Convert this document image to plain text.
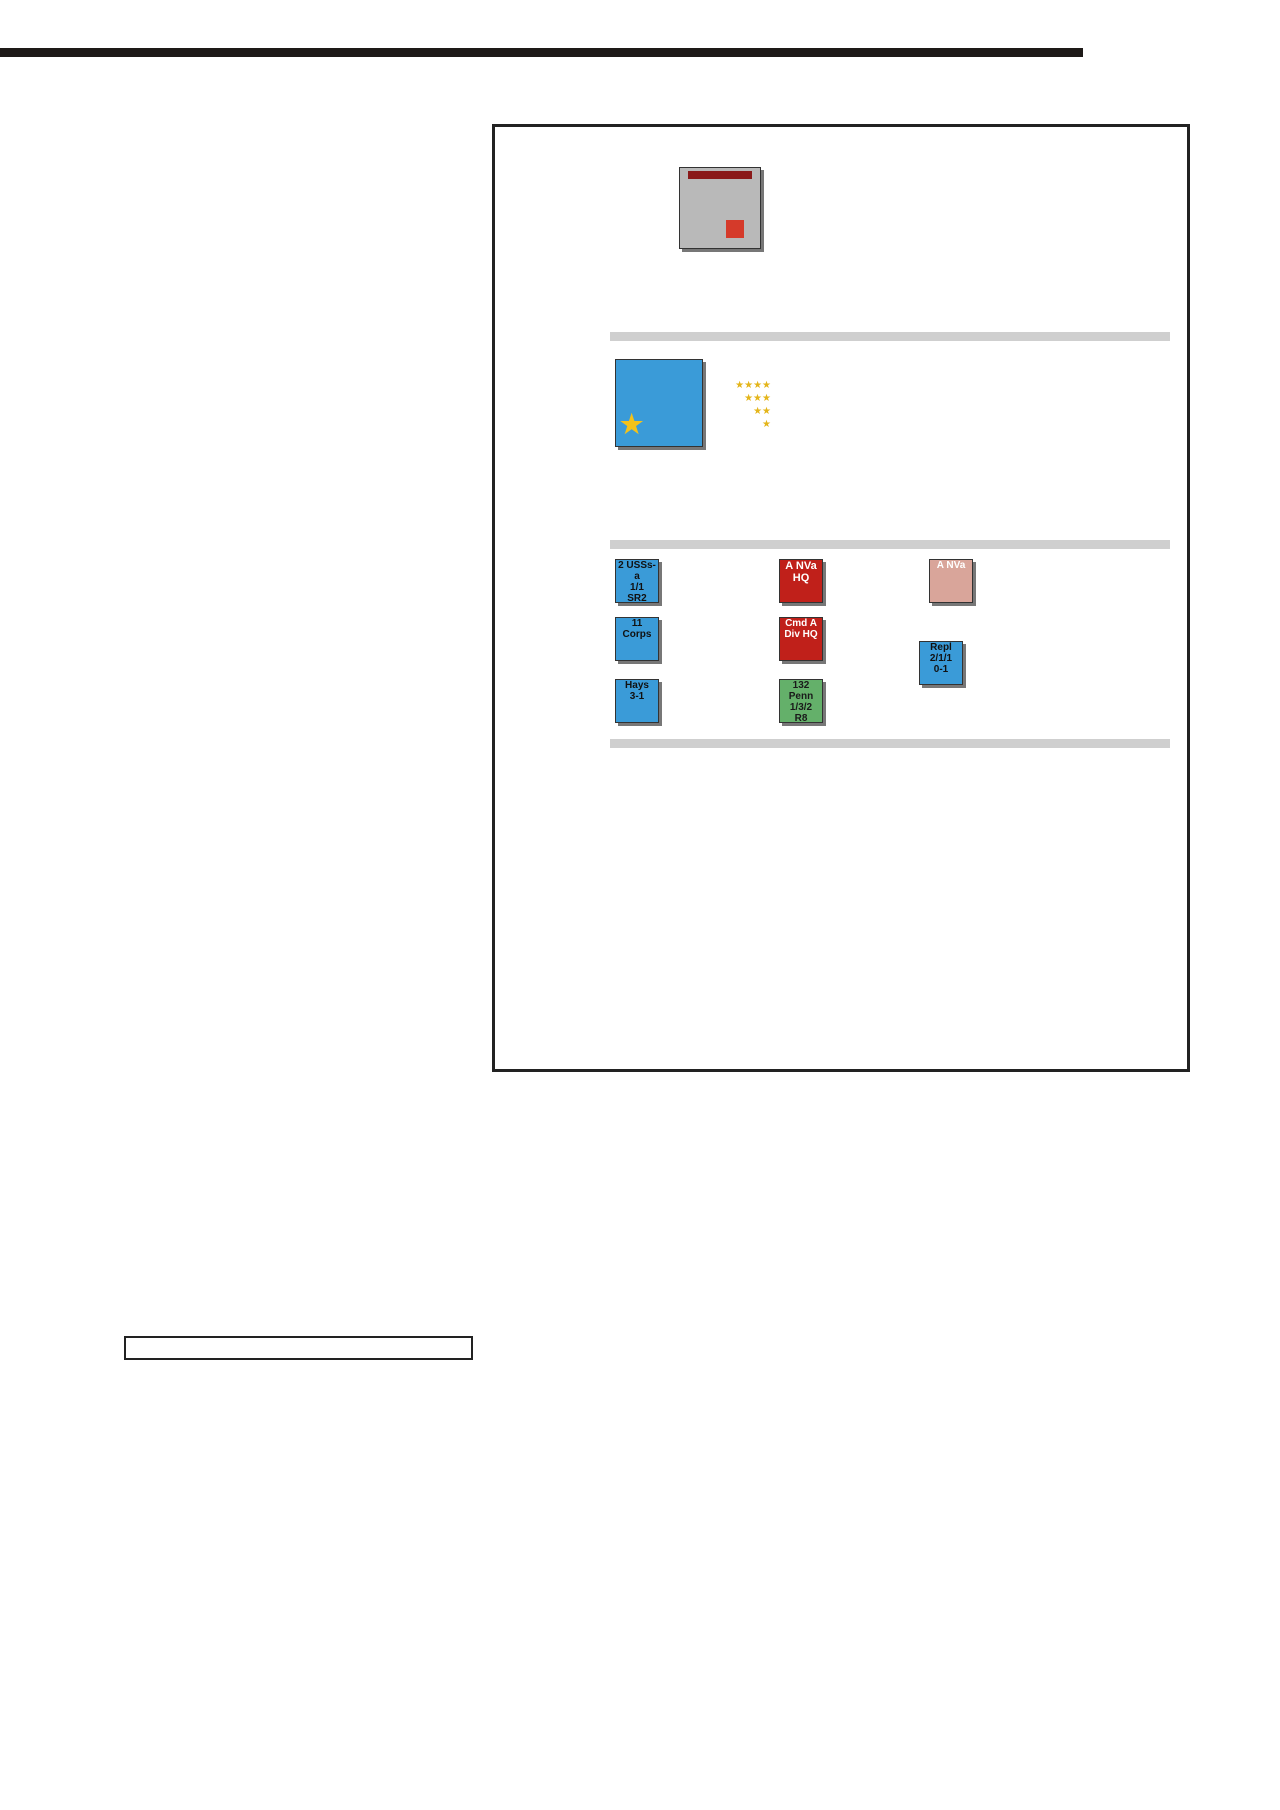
★
★★★★
★★★
★★
★
2 USSs-a
1/1
SR2
A NVa
HQ
A NVa
11 Corps
Cmd A
Div HQ
Repl
2/1/1
0-1
Hays
3-1
132 Penn
1/3/2
R8
